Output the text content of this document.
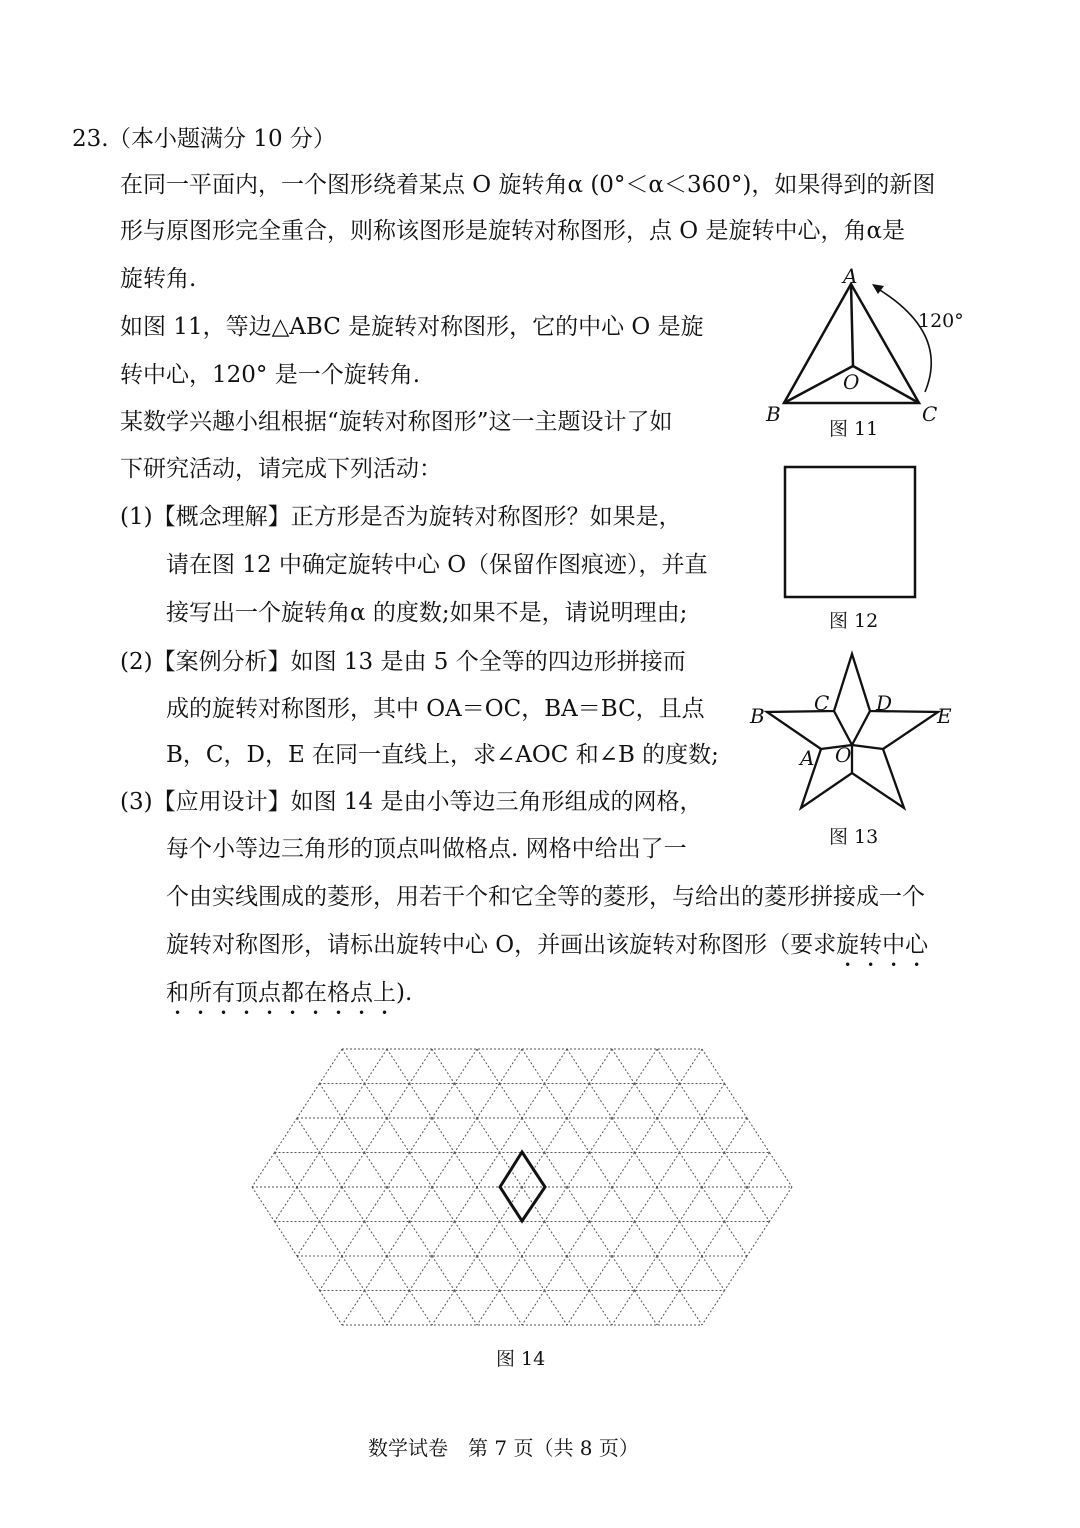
23. （本小题满分 10 分）
在同一平面内，一个图形绕着某点 O 旋转角α (0°＜α＜360°)，如果得到的新图
形与原图形完全重合，则称该图形是旋转对称图形，点 O 是旋转中心，角α是
旋转角.
如图 11，等边△ABC 是旋转对称图形，它的中心 O 是旋
转中心，120° 是一个旋转角.
某数学兴趣小组根据“旋转对称图形”这一主题设计了如
下研究活动，请完成下列活动：
(1)【概念理解】正方形是否为旋转对称图形？如果是，
请在图 12 中确定旋转中心 O（保留作图痕迹），并直
接写出一个旋转角α 的度数;如果不是，请说明理由;
(2)【案例分析】如图 13 是由 5 个全等的四边形拼接而
成的旋转对称图形，其中 OA＝OC，BA＝BC，且点
B，C，D，E 在同一直线上，求∠AOC 和∠B 的度数;
(3)【应用设计】如图 14 是由小等边三角形组成的网格，
每个小等边三角形的顶点叫做格点. 网格中给出了一
个由实线围成的菱形，用若干个和它全等的菱形，与给出的菱形拼接成一个
旋转对称图形，请标出旋转中心 O，并画出该旋转对称图形（要求旋转中心
和所有顶点都在格点上).
A
B	C
O
120°
图 11
图 12
B
C D
E
A O
图 13
图 14
数学试卷　第 7 页（共 8 页）
